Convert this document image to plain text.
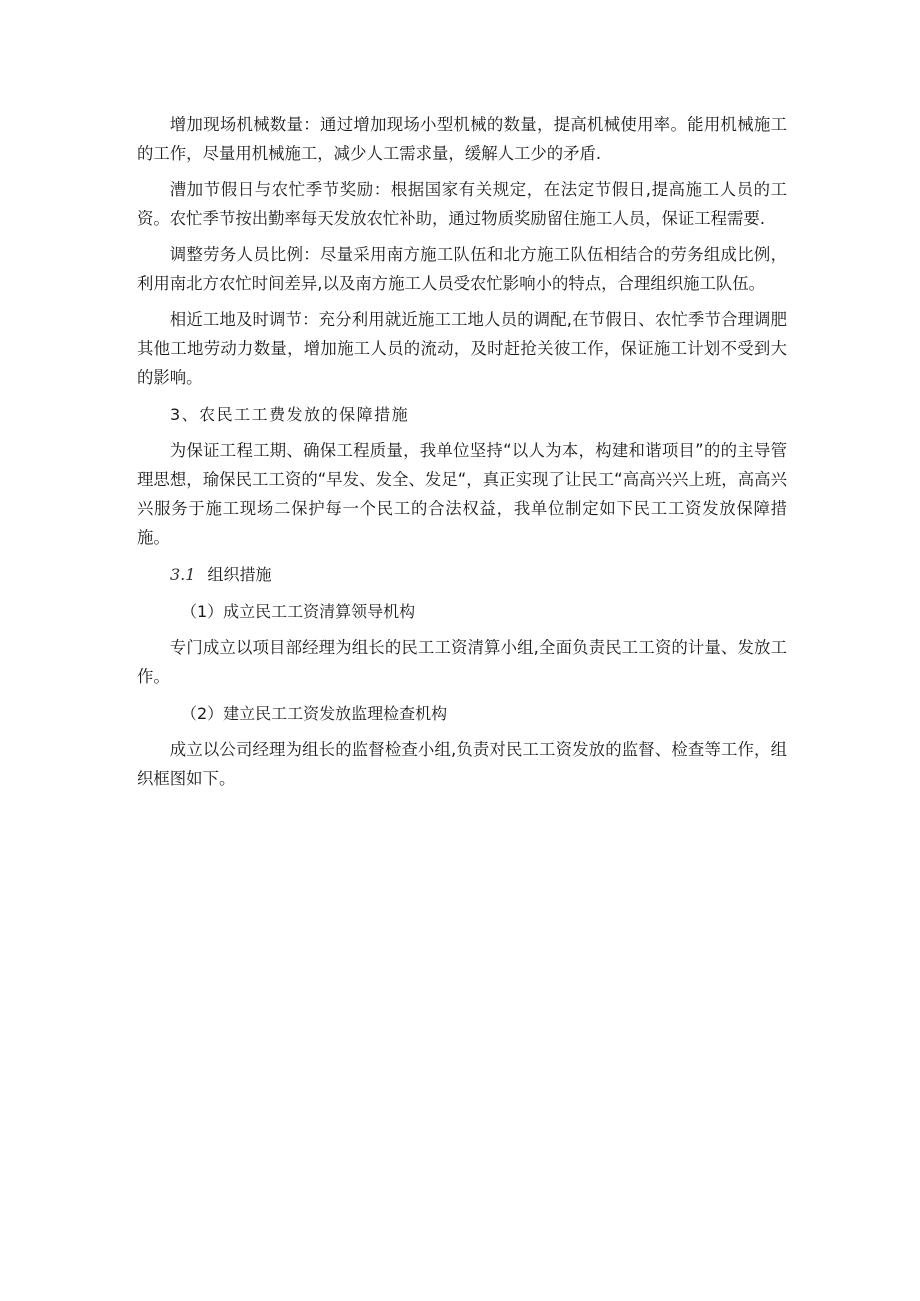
增加现场机械数量：通过增加现场小型机械的数量，提高机械使用率。能用机械施工的工作，尽量用机械施工，减少人工需求量，缓解人工少的矛盾.

漕加节假日与农忙季节奖励：根据国家有关规定，在法定节假日,提高施工人员的工资。农忙季节按出勤率每天发放农忙补助，通过物质奖励留住施工人员，保证工程需要.

调整劳务人员比例：尽量采用南方施工队伍和北方施工队伍相结合的劳务组成比例，利用南北方农忙时间差异,以及南方施工人员受农忙影响小的特点，合理组织施工队伍。

相近工地及时调节：充分利用就近施工工地人员的调配,在节假日、农忙季节合理调肥其他工地劳动力数量，增加施工人员的流动，及时赶抢关彼工作，保证施工计划不受到大的影响。

3、农民工工费发放的保障措施

为保证工程工期、确保工程质量，我单位坚持“以人为本，构建和谐项目”的的主导管理思想，瑜保民工工资的“早发、发全、发足“，真正实现了让民工“高高兴兴上班，高高兴兴服务于施工现场二保护每一个民工的合法权益，我单位制定如下民工工资发放保障措施。

3.1 组织措施

（1）成立民工工资清算领导机构

专门成立以项目部经理为组长的民工工资清算小组,全面负责民工工资的计量、发放工作。

（2）建立民工工资发放监理检查机构

成立以公司经理为组长的监督检查小组,负责对民工工资发放的监督、检查等工作，组织框图如下。
